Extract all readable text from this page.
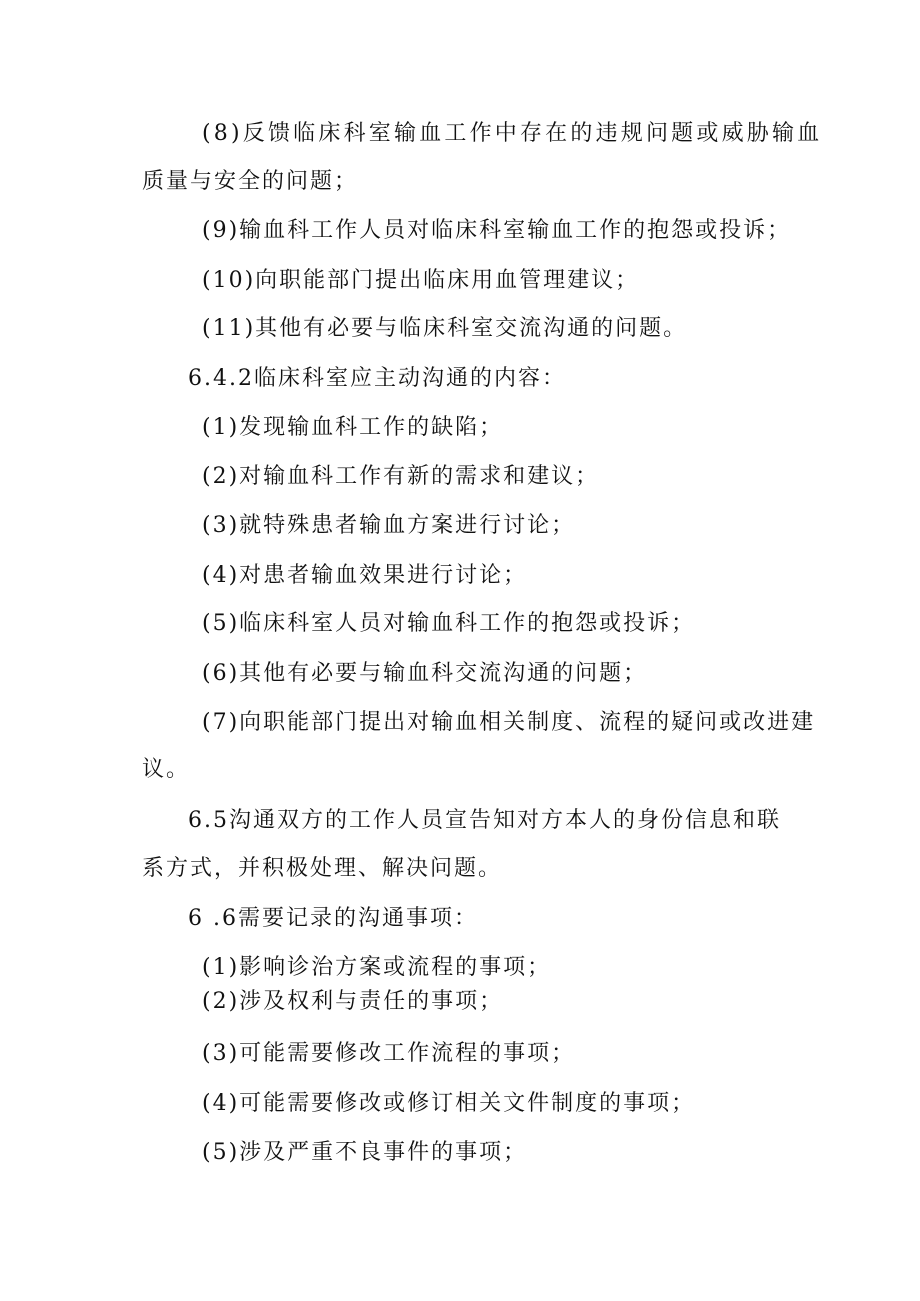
(8)反馈临床科室输血工作中存在的违规问题或威胁输血

质量与安全的问题；

(9)输血科工作人员对临床科室输血工作的抱怨或投诉；

(10)向职能部门提出临床用血管理建议；

(11)其他有必要与临床科室交流沟通的问题。

6.4.2临床科室应主动沟通的内容：

(1)发现输血科工作的缺陷；

(2)对输血科工作有新的需求和建议；

(3)就特殊患者输血方案进行讨论；

(4)对患者输血效果进行讨论；

(5)临床科室人员对输血科工作的抱怨或投诉；

(6)其他有必要与输血科交流沟通的问题；

(7)向职能部门提出对输血相关制度、流程的疑问或改进建

议。

6.5沟通双方的工作人员宣告知对方本人的身份信息和联

系方式，并积极处理、解决问题。

6 .6需要记录的沟通事项：

(1)影响诊治方案或流程的事项；

(2)涉及权利与责任的事项；

(3)可能需要修改工作流程的事项；

(4)可能需要修改或修订相关文件制度的事项；

(5)涉及严重不良事件的事项；
